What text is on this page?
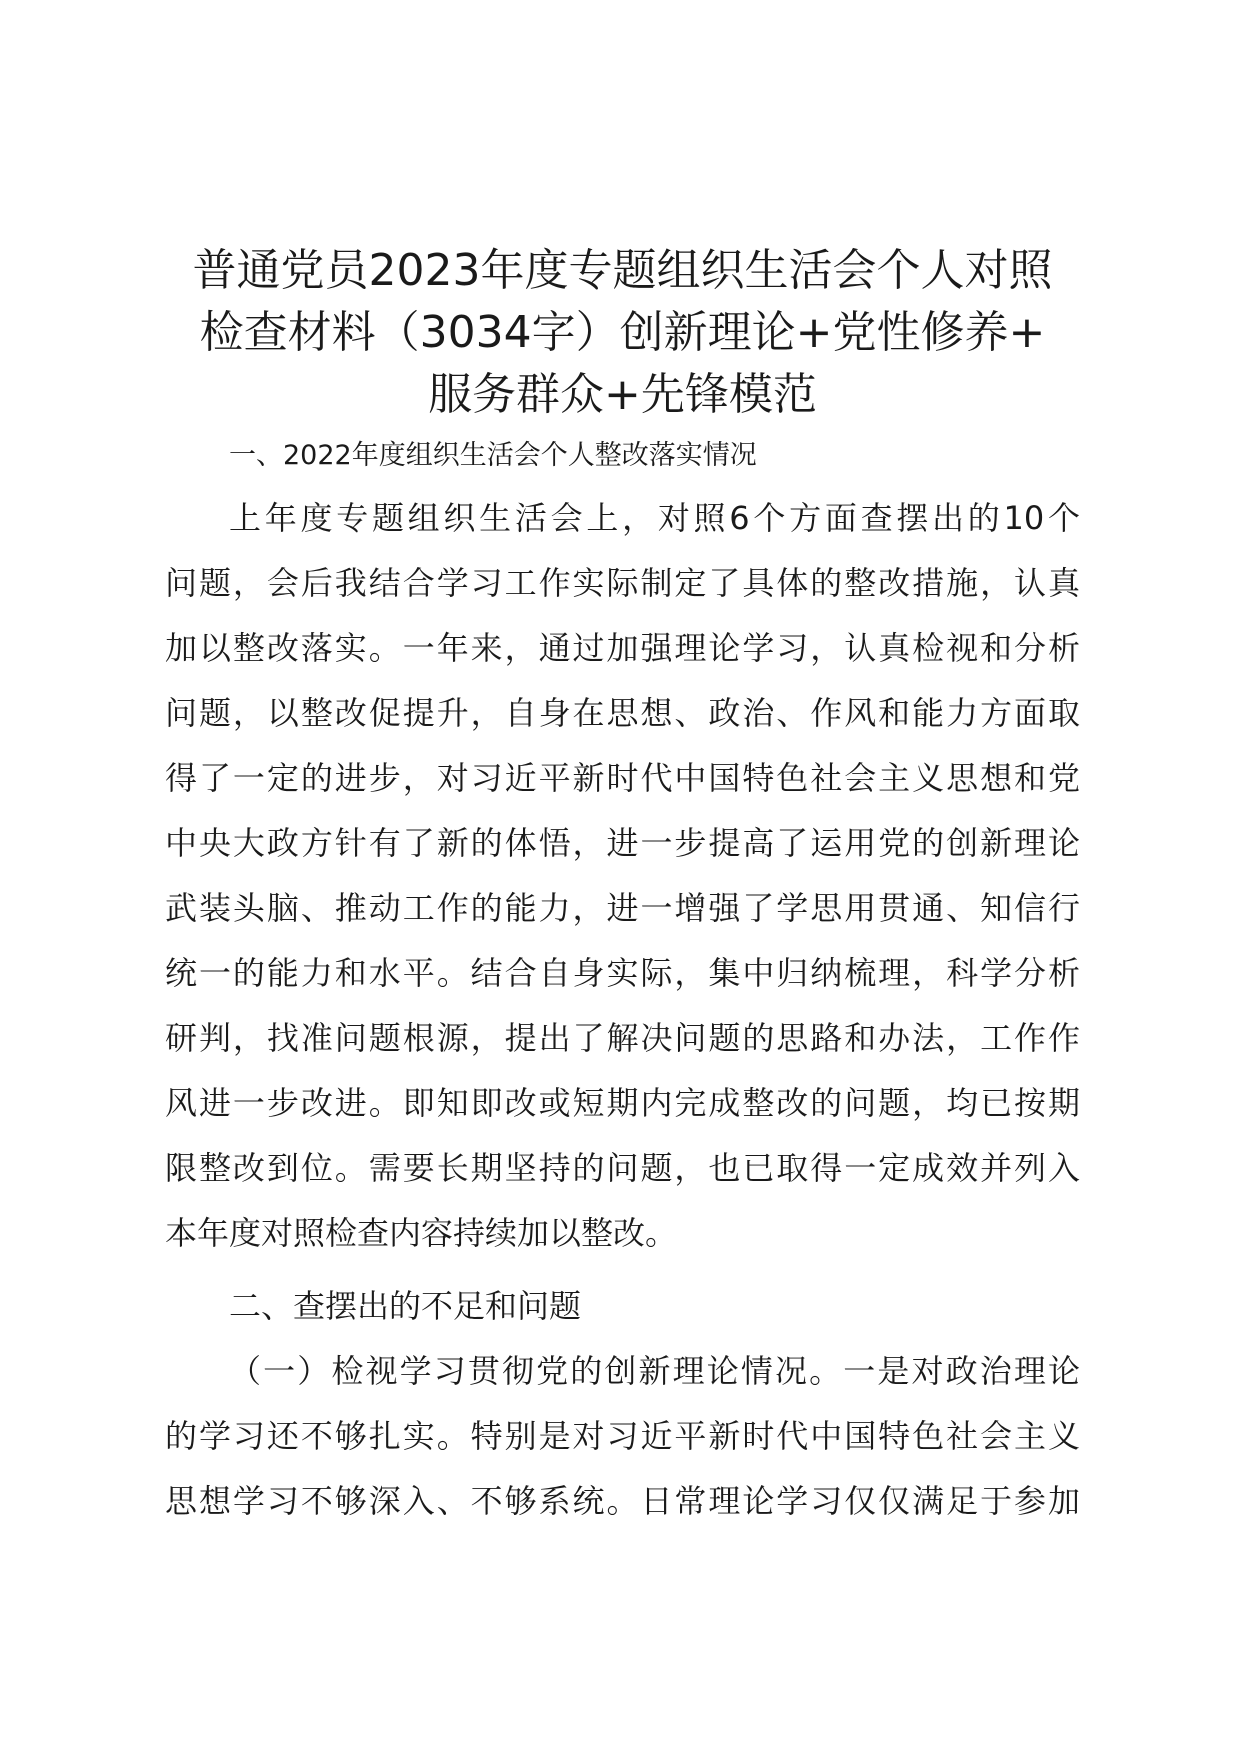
普通党员2023年度专题组织生活会个人对照
检查材料（3034字）创新理论+党性修养+
服务群众+先锋模范
一、2022年度组织生活会个人整改落实情况
上年度专题组织生活会上，对照6个方面查摆出的10个
问题，会后我结合学习工作实际制定了具体的整改措施，认真
加以整改落实。一年来，通过加强理论学习，认真检视和分析
问题，以整改促提升，自身在思想、政治、作风和能力方面取
得了一定的进步，对习近平新时代中国特色社会主义思想和党
中央大政方针有了新的体悟，进一步提高了运用党的创新理论
武装头脑、推动工作的能力，进一增强了学思用贯通、知信行
统一的能力和水平。结合自身实际，集中归纳梳理，科学分析
研判，找准问题根源，提出了解决问题的思路和办法，工作作
风进一步改进。即知即改或短期内完成整改的问题，均已按期
限整改到位。需要长期坚持的问题，也已取得一定成效并列入
本年度对照检查内容持续加以整改。
二、查摆出的不足和问题
（一）检视学习贯彻党的创新理论情况。一是对政治理论
的学习还不够扎实。特别是对习近平新时代中国特色社会主义
思想学习不够深入、不够系统。日常理论学习仅仅满足于参加
